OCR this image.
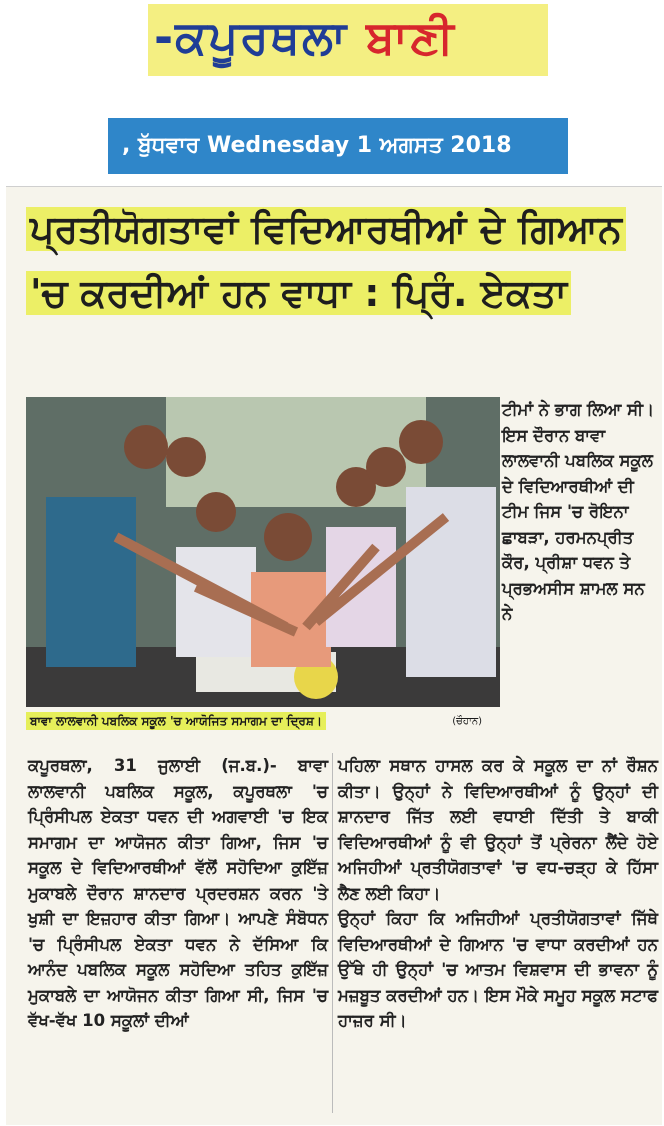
-ਕਪੂਰਥਲਾ ਬਾਣੀ
, ਬੁੱਧਵਾਰ Wednesday 1 ਅਗਸਤ 2018
ਪ੍ਰਤੀਯੋਗਤਾਵਾਂ ਵਿਦਿਆਰਥੀਆਂ ਦੇ ਗਿਆਨ
'ਚ ਕਰਦੀਆਂ ਹਨ ਵਾਧਾ : ਪ੍ਰਿੰ. ਏਕਤਾ
ਬਾਵਾ ਲਾਲਵਾਨੀ ਪਬਲਿਕ ਸਕੂਲ 'ਚ ਆਯੋਜਿਤ ਸਮਾਗਮ ਦਾ ਦ੍ਰਿਸ਼।	(ਚੌਹਾਨ)

ਟੀਮਾਂ ਨੇ ਭਾਗ ਲਿਆ ਸੀ। ਇਸ ਦੌਰਾਨ ਬਾਵਾ ਲਾਲਵਾਨੀ ਪਬਲਿਕ ਸਕੂਲ ਦੇ ਵਿਦਿਆਰਥੀਆਂ ਦੀ ਟੀਮ ਜਿਸ 'ਚ ਰੋਇਨਾ ਛਾਬੜਾ, ਹਰਮਨਪ੍ਰੀਤ ਕੌਰ, ਪ੍ਰੀਸ਼ਾ ਧਵਨ ਤੇ ਪ੍ਰਭਅਸੀਸ ਸ਼ਾਮਲ ਸਨ ਨੇ

ਕਪੂਰਥਲਾ, 31 ਜੁਲਾਈ (ਜ.ਬ.)- ਬਾਵਾ ਲਾਲਵਾਨੀ ਪਬਲਿਕ ਸਕੂਲ, ਕਪੂਰਥਲਾ 'ਚ ਪ੍ਰਿੰਸੀਪਲ ਏਕਤਾ ਧਵਨ ਦੀ ਅਗਵਾਈ 'ਚ ਇਕ ਸਮਾਗਮ ਦਾ ਆਯੋਜਨ ਕੀਤਾ ਗਿਆ, ਜਿਸ 'ਚ ਸਕੂਲ ਦੇ ਵਿਦਿਆਰਥੀਆਂ ਵੱਲੋਂ ਸਹੋਦਿਆ ਕੁਇੱਜ਼ ਮੁਕਾਬਲੇ ਦੌਰਾਨ ਸ਼ਾਨਦਾਰ ਪ੍ਰਦਰਸ਼ਨ ਕਰਨ 'ਤੇ ਖੁਸ਼ੀ ਦਾ ਇਜ਼ਹਾਰ ਕੀਤਾ ਗਿਆ। ਆਪਣੇ ਸੰਬੋਧਨ 'ਚ ਪ੍ਰਿੰਸੀਪਲ ਏਕਤਾ ਧਵਨ ਨੇ ਦੱਸਿਆ ਕਿ ਆਨੰਦ ਪਬਲਿਕ ਸਕੂਲ ਸਹੋਦਿਆ ਤਹਿਤ ਕੁਇੱਜ਼ ਮੁਕਾਬਲੇ ਦਾ ਆਯੋਜਨ ਕੀਤਾ ਗਿਆ ਸੀ, ਜਿਸ 'ਚ ਵੱਖ-ਵੱਖ 10 ਸਕੂਲਾਂ ਦੀਆਂ

ਪਹਿਲਾ ਸਥਾਨ ਹਾਸਲ ਕਰ ਕੇ ਸਕੂਲ ਦਾ ਨਾਂ ਰੌਸ਼ਨ ਕੀਤਾ। ਉਨ੍ਹਾਂ ਨੇ ਵਿਦਿਆਰਥੀਆਂ ਨੂੰ ਉਨ੍ਹਾਂ ਦੀ ਸ਼ਾਨਦਾਰ ਜਿੱਤ ਲਈ ਵਧਾਈ ਦਿੱਤੀ ਤੇ ਬਾਕੀ ਵਿਦਿਆਰਥੀਆਂ ਨੂੰ ਵੀ ਉਨ੍ਹਾਂ ਤੋਂ ਪ੍ਰੇਰਨਾ ਲੈਂਦੇ ਹੋਏ ਅਜਿਹੀਆਂ ਪ੍ਰਤੀਯੋਗਤਾਵਾਂ 'ਚ ਵਧ-ਚੜ੍ਹ ਕੇ ਹਿੱਸਾ ਲੈਣ ਲਈ ਕਿਹਾ।

ਉਨ੍ਹਾਂ ਕਿਹਾ ਕਿ ਅਜਿਹੀਆਂ ਪ੍ਰਤੀਯੋਗਤਾਵਾਂ ਜਿੱਥੇ ਵਿਦਿਆਰਥੀਆਂ ਦੇ ਗਿਆਨ 'ਚ ਵਾਧਾ ਕਰਦੀਆਂ ਹਨ ਉੱਥੇ ਹੀ ਉਨ੍ਹਾਂ 'ਚ ਆਤਮ ਵਿਸ਼ਵਾਸ ਦੀ ਭਾਵਨਾ ਨੂੰ ਮਜ਼ਬੂਤ ਕਰਦੀਆਂ ਹਨ। ਇਸ ਮੌਕੇ ਸਮੂਹ ਸਕੂਲ ਸਟਾਫ ਹਾਜ਼ਰ ਸੀ।
